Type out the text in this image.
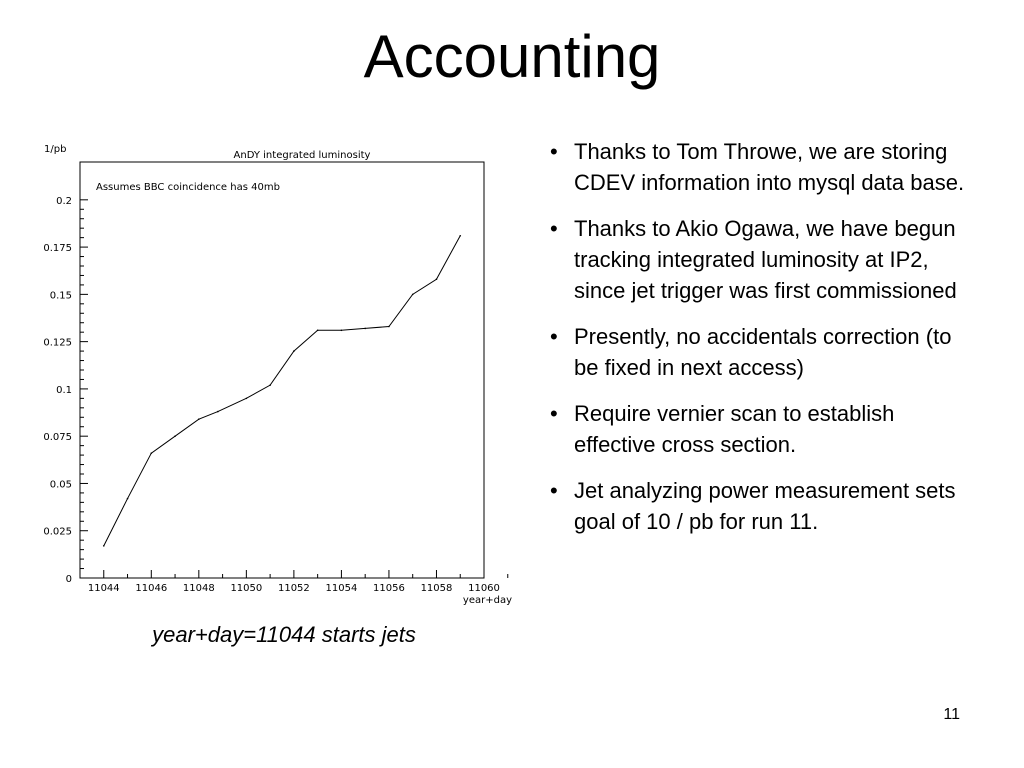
Accounting
AnDY integrated luminosity
Assumes BBC coincidence has 40mb
1/pb
year+day
0
0.025
0.05
0.075
0.1
0.125
0.15
0.175
0.2
11044 11046 11048 11050 11052 11054 11056 11058 11060
year+day=11044 starts jets
• Thanks to Tom Throwe, we are storing CDEV information into mysql data base.
• Thanks to Akio Ogawa, we have begun tracking integrated luminosity at IP2, since jet trigger was first commissioned
• Presently, no accidentals correction (to be fixed in next access)
• Require vernier scan to establish effective cross section.
• Jet analyzing power measurement sets goal of 10 / pb for run 11.
11
